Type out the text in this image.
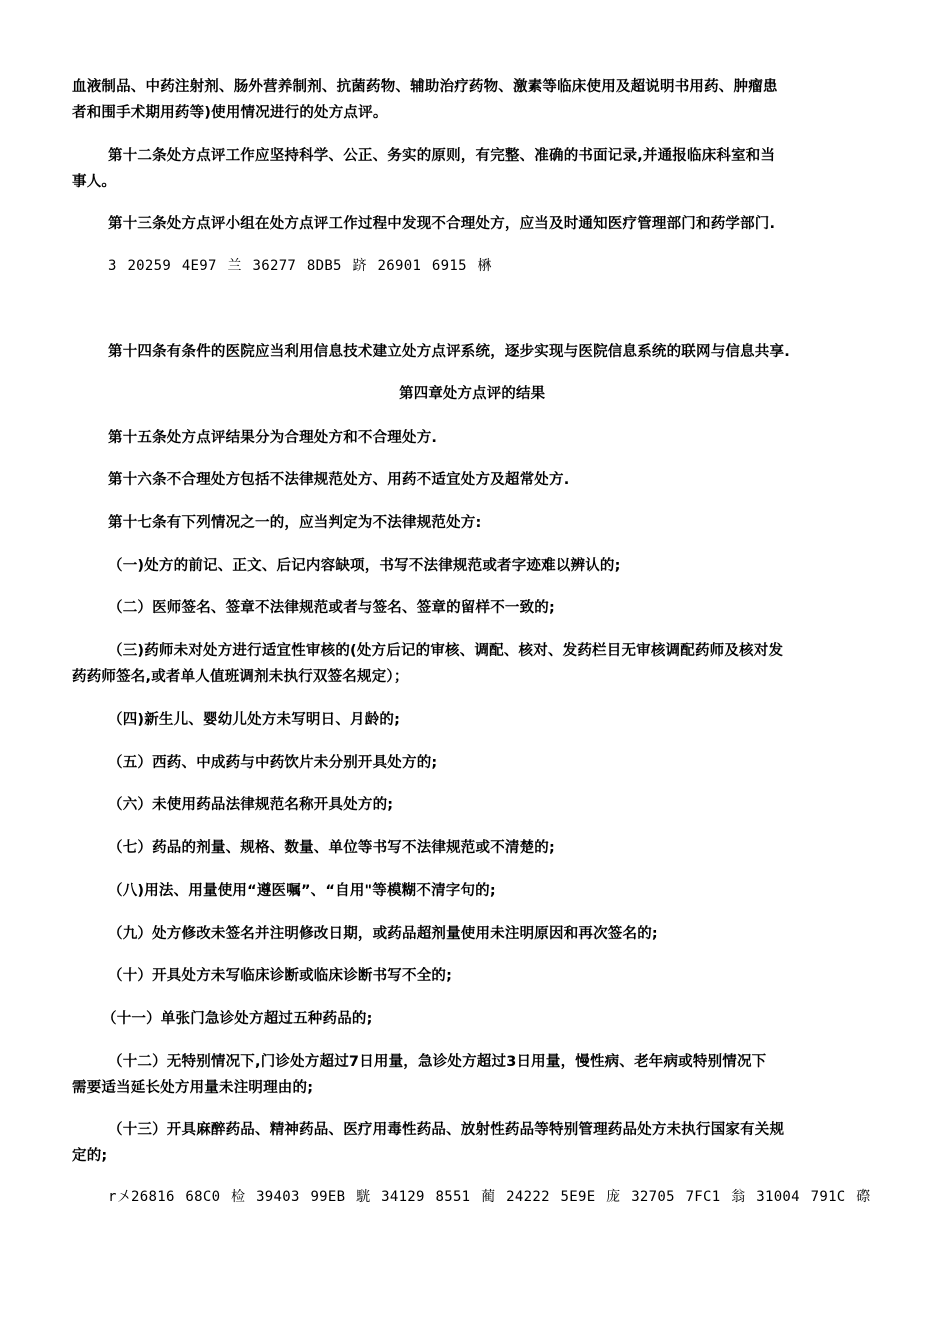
血液制品、中药注射剂、肠外营养制剂、抗菌药物、辅助治疗药物、激素等临床使用及超说明书用药、肿瘤患
者和围手术期用药等)使用情况进行的处方点评。
第十二条处方点评工作应坚持科学、公正、务实的原则，有完整、准确的书面记录,并通报临床科室和当
事人。
第十三条处方点评小组在处方点评工作过程中发现不合理处方，应当及时通知医疗管理部门和药学部门.
3 20259 4E97 兰 36277 8DB5 跻 26901 6915 楙
第十四条有条件的医院应当利用信息技术建立处方点评系统，逐步实现与医院信息系统的联网与信息共享.
第四章处方点评的结果
第十五条处方点评结果分为合理处方和不合理处方.
第十六条不合理处方包括不法律规范处方、用药不适宜处方及超常处方.
第十七条有下列情况之一的，应当判定为不法律规范处方:
（一)处方的前记、正文、后记内容缺项，书写不法律规范或者字迹难以辨认的;
（二）医师签名、签章不法律规范或者与签名、签章的留样不一致的;
（三)药师未对处方进行适宜性审核的(处方后记的审核、调配、核对、发药栏目无审核调配药师及核对发
药药师签名,或者单人值班调剂未执行双签名规定）；
（四)新生儿、婴幼儿处方未写明日、月龄的;
（五）西药、中成药与中药饮片未分别开具处方的;
（六）未使用药品法律规范名称开具处方的;
（七）药品的剂量、规格、数量、单位等书写不法律规范或不清楚的;
（八)用法、用量使用“遵医嘱”、“自用"等模糊不清字句的;
（九）处方修改未签名并注明修改日期，或药品超剂量使用未注明原因和再次签名的;
（十）开具处方未写临床诊断或临床诊断书写不全的;
（十一）单张门急诊处方超过五种药品的;
（十二）无特别情况下,门诊处方超过7日用量，急诊处方超过3日用量，慢性病、老年病或特别情况下
需要适当延长处方用量未注明理由的;
（十三）开具麻醉药品、精神药品、医疗用毒性药品、放射性药品等特别管理药品处方未执行国家有关规
定的;
r〤26816 68C0 检 39403 99EB 駫 34129 8551 蔺 24222 5E9E 庞 32705 7FC1 翁 31004 791C 磜
